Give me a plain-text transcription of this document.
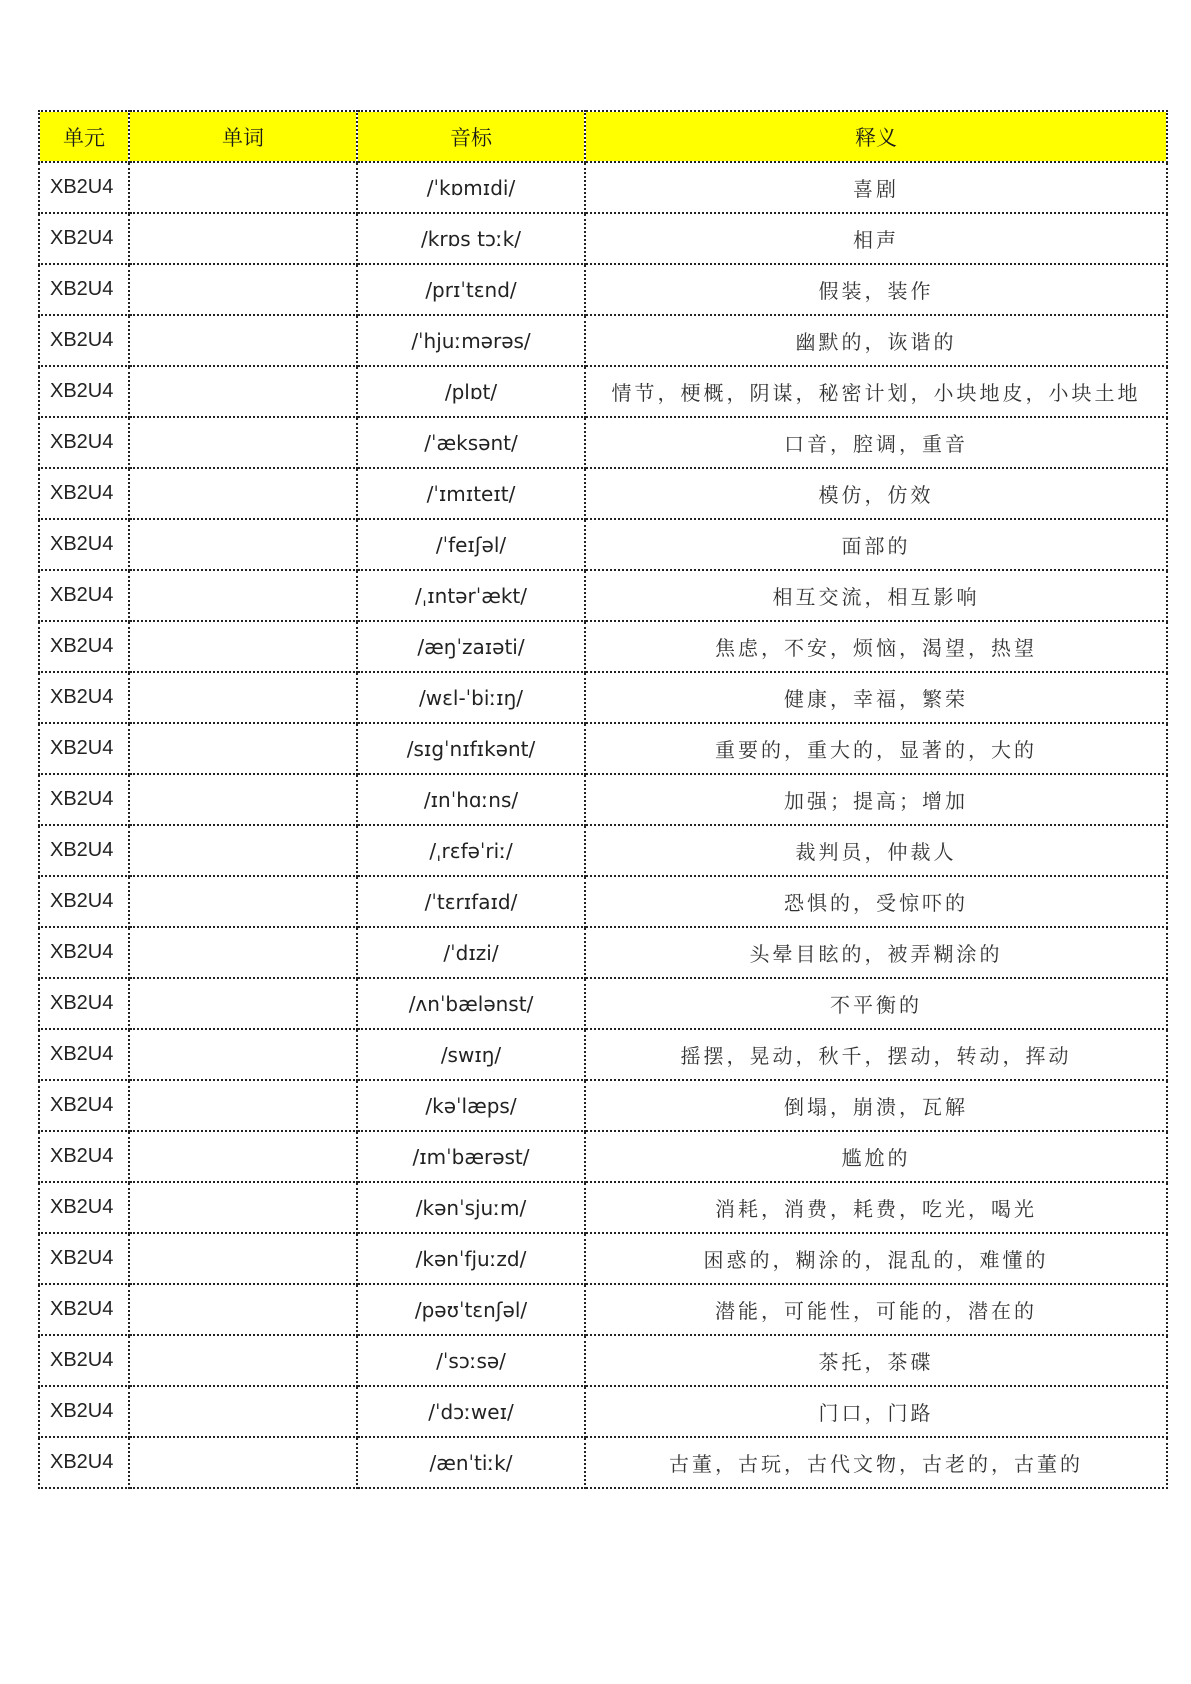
单元	单词	音标	释义
XB2U4		/ˈkɒmɪdi/	喜剧
XB2U4		/krɒs tɔːk/	相声
XB2U4		/prɪˈtɛnd/	假装，装作
XB2U4		/ˈhjuːmərəs/	幽默的，诙谐的
XB2U4		/plɒt/	情节，梗概，阴谋，秘密计划，小块地皮，小块土地
XB2U4		/ˈæksənt/	口音，腔调，重音
XB2U4		/ˈɪmɪteɪt/	模仿，仿效
XB2U4		/ˈfeɪʃəl/	面部的
XB2U4		/ˌɪntərˈækt/	相互交流，相互影响
XB2U4		/æŋˈzaɪəti/	焦虑，不安，烦恼，渴望，热望
XB2U4		/wɛl-ˈbiːɪŋ/	健康，幸福，繁荣
XB2U4		/sɪgˈnɪfɪkənt/	重要的，重大的，显著的，大的
XB2U4		/ɪnˈhɑːns/	加强；提高；增加
XB2U4		/ˌrɛfəˈriː/	裁判员，仲裁人
XB2U4		/ˈtɛrɪfaɪd/	恐惧的，受惊吓的
XB2U4		/ˈdɪzi/	头晕目眩的，被弄糊涂的
XB2U4		/ʌnˈbælənst/	不平衡的
XB2U4		/swɪŋ/	摇摆，晃动，秋千，摆动，转动，挥动
XB2U4		/kəˈlæps/	倒塌，崩溃，瓦解
XB2U4		/ɪmˈbærəst/	尴尬的
XB2U4		/kənˈsjuːm/	消耗，消费，耗费，吃光，喝光
XB2U4		/kənˈfjuːzd/	困惑的，糊涂的，混乱的，难懂的
XB2U4		/pəʊˈtɛnʃəl/	潜能，可能性，可能的，潜在的
XB2U4		/ˈsɔːsə/	茶托，茶碟
XB2U4		/ˈdɔːweɪ/	门口，门路
XB2U4		/ænˈtiːk/	古董，古玩，古代文物，古老的，古董的
